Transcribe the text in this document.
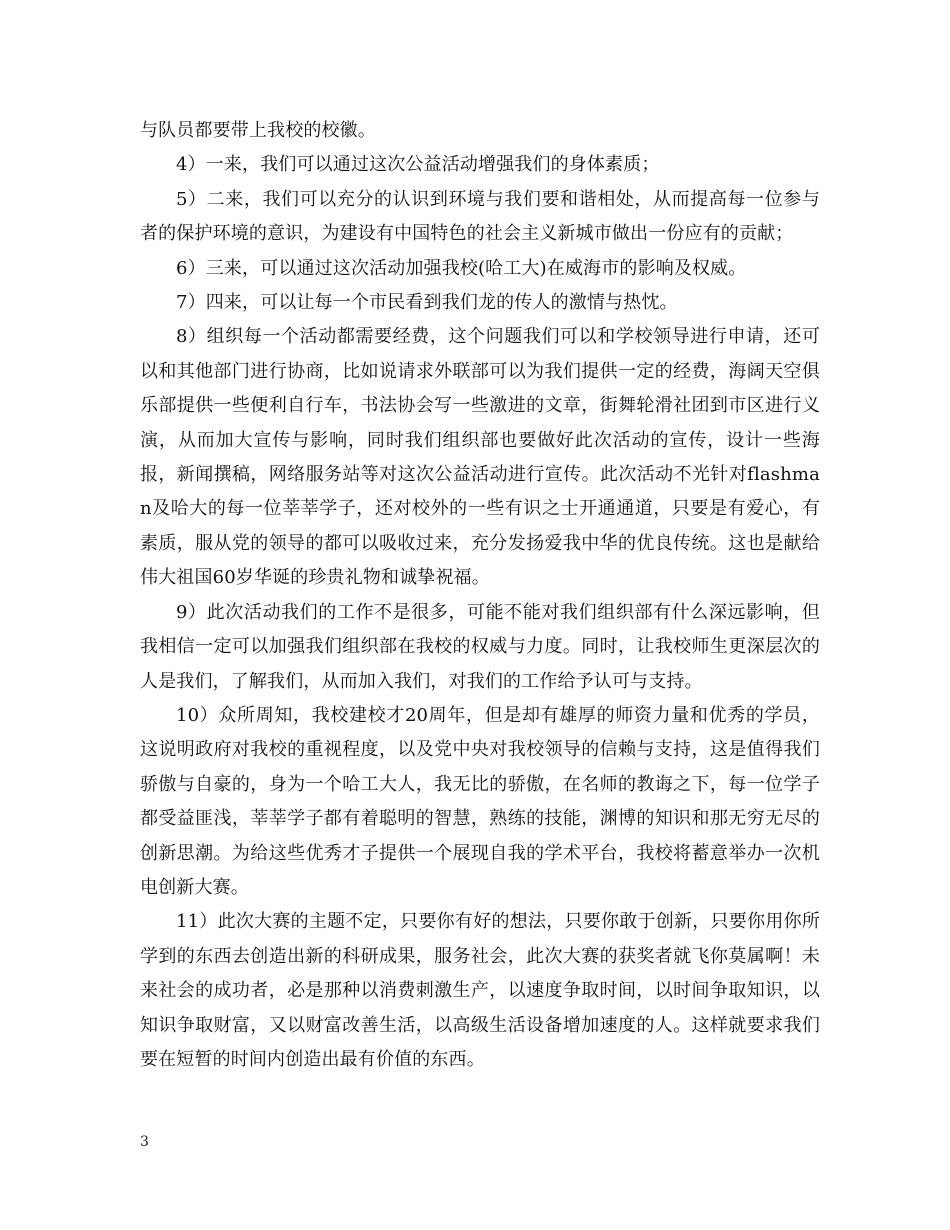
与队员都要带上我校的校徽。

4）一来，我们可以通过这次公益活动增强我们的身体素质；

5）二来，我们可以充分的认识到环境与我们要和谐相处，从而提高每一位参与者的保护环境的意识，为建设有中国特色的社会主义新城市做出一份应有的贡献；

6）三来，可以通过这次活动加强我校(哈工大)在威海市的影响及权威。

7）四来，可以让每一个市民看到我们龙的传人的激情与热忱。

8）组织每一个活动都需要经费，这个问题我们可以和学校领导进行申请，还可以和其他部门进行协商，比如说请求外联部可以为我们提供一定的经费，海阔天空俱乐部提供一些便利自行车，书法协会写一些激进的文章，街舞轮滑社团到市区进行义演，从而加大宣传与影响，同时我们组织部也要做好此次活动的宣传，设计一些海报，新闻撰稿，网络服务站等对这次公益活动进行宣传。此次活动不光针对flashman及哈大的每一位莘莘学子，还对校外的一些有识之士开通通道，只要是有爱心，有素质，服从党的领导的都可以吸收过来，充分发扬爱我中华的优良传统。这也是献给伟大祖国60岁华诞的珍贵礼物和诚挚祝福。

9）此次活动我们的工作不是很多，可能不能对我们组织部有什么深远影响，但我相信一定可以加强我们组织部在我校的权威与力度。同时，让我校师生更深层次的人是我们，了解我们，从而加入我们，对我们的工作给予认可与支持。

10）众所周知，我校建校才20周年，但是却有雄厚的师资力量和优秀的学员，这说明政府对我校的重视程度，以及党中央对我校领导的信赖与支持，这是值得我们骄傲与自豪的，身为一个哈工大人，我无比的骄傲，在名师的教诲之下，每一位学子都受益匪浅，莘莘学子都有着聪明的智慧，熟练的技能，渊博的知识和那无穷无尽的创新思潮。为给这些优秀才子提供一个展现自我的学术平台，我校将蓄意举办一次机电创新大赛。

11）此次大赛的主题不定，只要你有好的想法，只要你敢于创新，只要你用你所学到的东西去创造出新的科研成果，服务社会，此次大赛的获奖者就飞你莫属啊！未来社会的成功者，必是那种以消费刺激生产，以速度争取时间，以时间争取知识，以知识争取财富，又以财富改善生活，以高级生活设备增加速度的人。这样就要求我们要在短暂的时间内创造出最有价值的东西。

3
